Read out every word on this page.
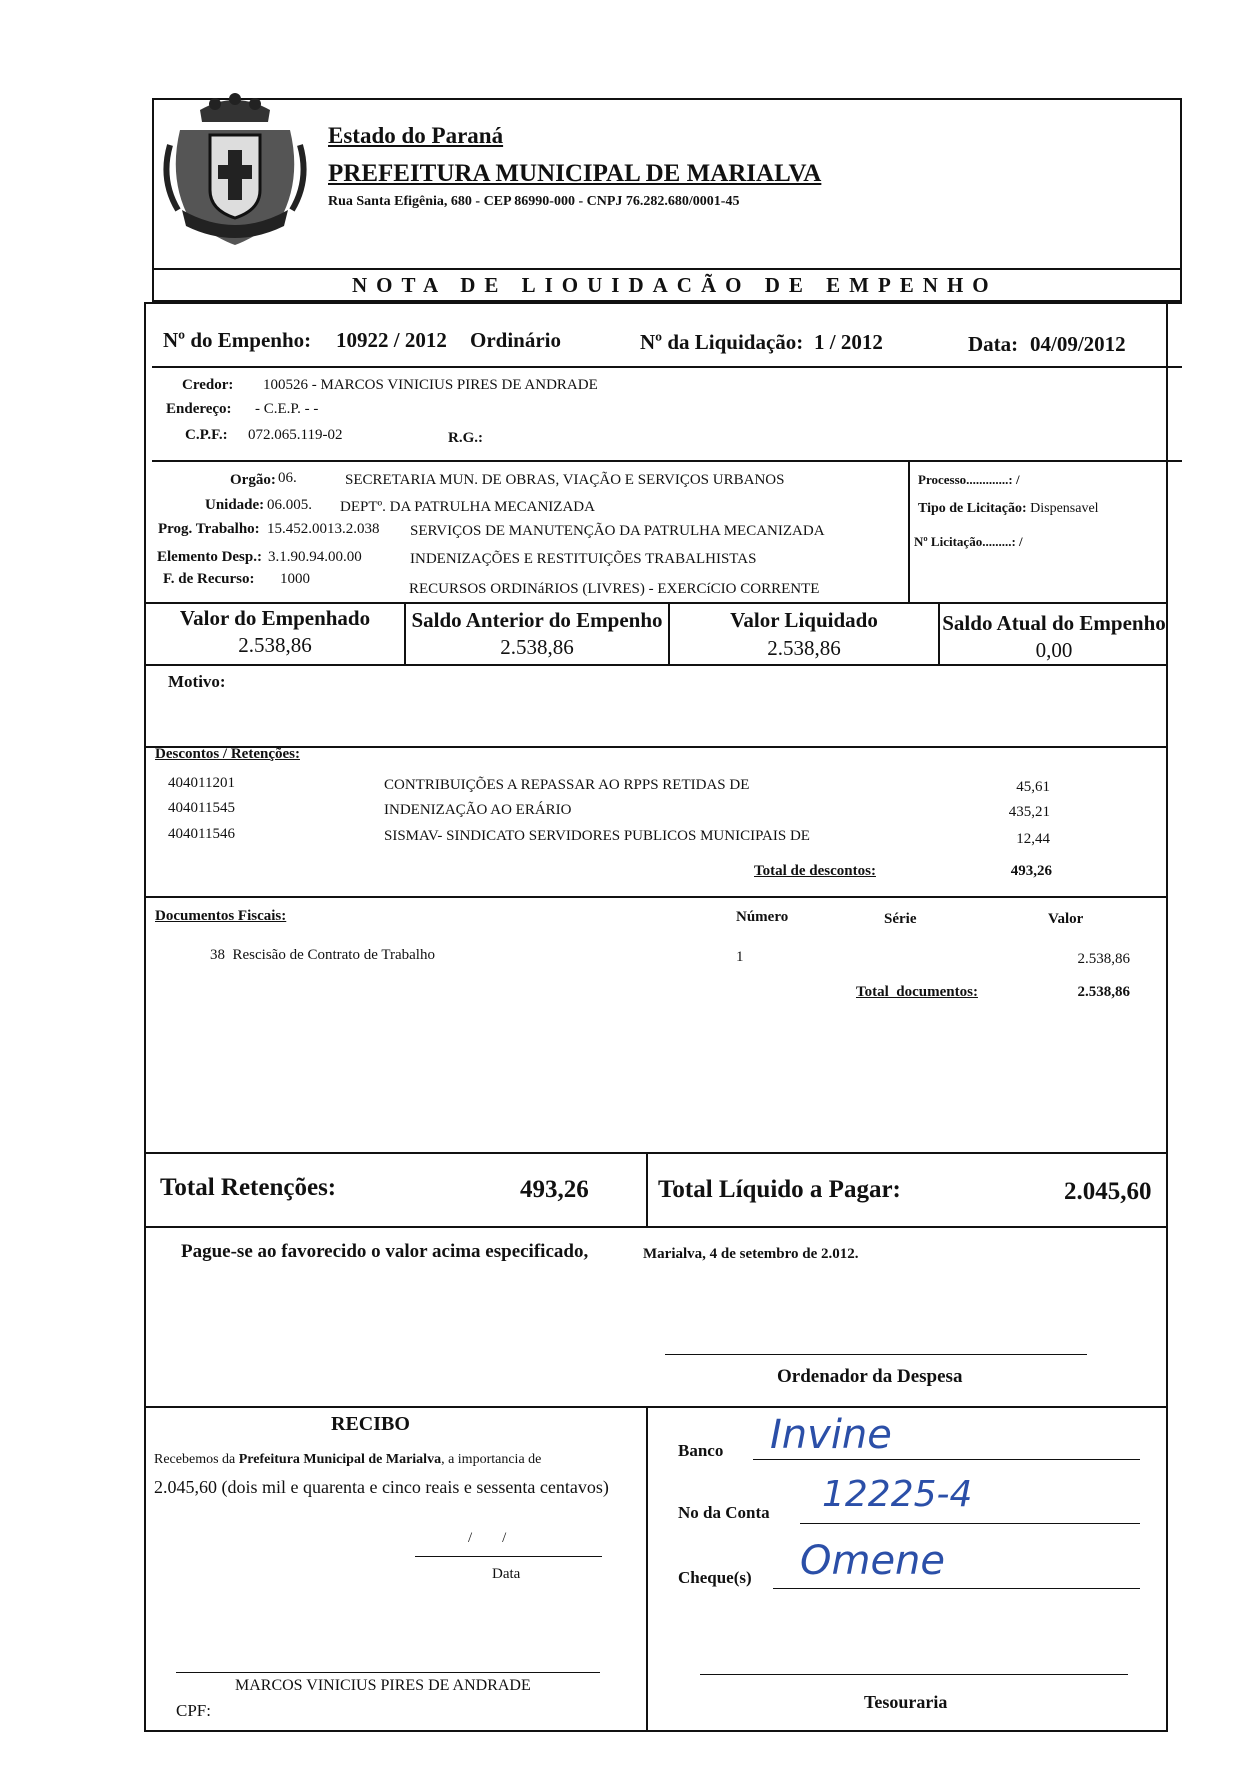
Estado do Paraná
PREFEITURA MUNICIPAL DE MARIALVA
Rua Santa Efigênia, 680 - CEP 86990-000 - CNPJ 76.282.680/0001-45
NOTA DE LIOUIDACÃO DE EMPENHO
Nº do Empenho: 10922 / 2012 Ordinário	Nº da Liquidação: 1 / 2012	Data: 04/09/2012
Credor: 100526 - MARCOS VINICIUS PIRES DE ANDRADE
Endereço: - C.E.P. - -
C.P.F.: 072.065.119-02	R.G.:
Orgão: 06.	SECRETARIA MUN. DE OBRAS, VIAÇÃO E SERVIÇOS URBANOS
Unidade: 06.005. DEPTº. DA PATRULHA MECANIZADA
Prog. Trabalho: 15.452.0013.2.038 SERVIÇOS DE MANUTENÇÃO DA PATRULHA MECANIZADA
Elemento Desp.: 3.1.90.94.00.00	INDENIZAÇÕES E RESTITUIÇÕES TRABALHISTAS
F. de Recurso: 1000
RECURSOS ORDINáRIOS (LIVRES) - EXERCíCIO CORRENTE
Processo.............: /
Tipo de Licitação: Dispensavel
Nº Licitação.........: /
Valor do Empenhado
2.538,86
Saldo Anterior do Empenho
2.538,86
Valor Liquidado
2.538,86
Saldo Atual do Empenho
0,00
Motivo:
Descontos / Retenções:
404011201	CONTRIBUIÇÕES A REPASSAR AO RPPS RETIDAS DE	45,61
404011545	INDENIZAÇÃO AO ERÁRIO	435,21
404011546	SISMAV- SINDICATO SERVIDORES PUBLICOS MUNICIPAIS DE	12,44
Total de descontos:	493,26
Documentos Fiscais:	Número	Série	Valor
38  Rescisão de Contrato de Trabalho	1	2.538,86
Total  documentos:	2.538,86
Total Retenções:	493,26	Total Líquido a Pagar:	2.045,60
Pague-se ao favorecido o valor acima especificado,	Marialva, 4 de setembro de 2.012.
Ordenador da Despesa
RECIBO
Recebemos da Prefeitura Municipal de Marialva, a importancia de
2.045,60 (dois mil e quarenta e cinco reais e sessenta centavos)
/        /
Data
MARCOS VINICIUS PIRES DE ANDRADE
CPF:
Banco Invine
No da Conta 12225-4
Cheque(s) Omene
Tesouraria
